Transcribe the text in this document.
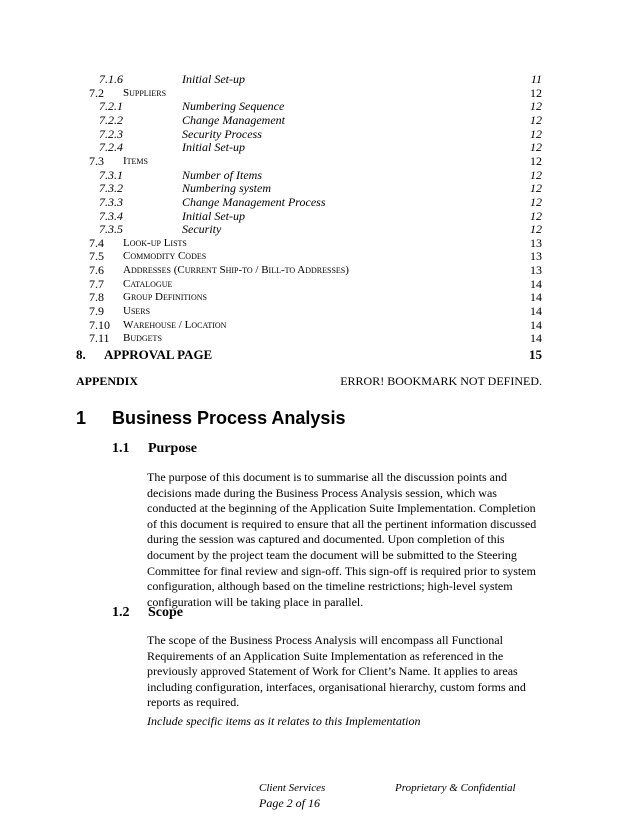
7.1.6	Initial Set-up	11
7.2 Suppliers	12
7.2.1	Numbering Sequence	12
7.2.2	Change Management	12
7.2.3	Security Process	12
7.2.4	Initial Set-up	12
7.3 Items	12
7.3.1	Number of Items	12
7.3.2	Numbering system	12
7.3.3	Change Management Process	12
7.3.4	Initial Set-up	12
7.3.5	Security	12
7.4 Look-up Lists	13
7.5 Commodity Codes	13
7.6 Addresses (Current Ship-to / Bill-to Addresses)	13
7.7 Catalogue	14
7.8 Group Definitions	14
7.9 Users	14
7.10 Warehouse / Location	14
7.11 Budgets	14
8. APPROVAL PAGE	15
APPENDIX	ERROR! BOOKMARK NOT DEFINED.
1 Business Process Analysis
1.1 Purpose
The purpose of this document is to summarise all the discussion points and
decisions made during the Business Process Analysis session, which was
conducted at the beginning of the Application Suite Implementation. Completion
of this document is required to ensure that all the pertinent information discussed
during the session was captured and documented. Upon completion of this
document by the project team the document will be submitted to the Steering
Committee for final review and sign-off. This sign-off is required prior to system
configuration, although based on the timeline restrictions; high-level system
configuration will be taking place in parallel.
1.2 Scope
The scope of the Business Process Analysis will encompass all Functional
Requirements of an Application Suite Implementation as referenced in the
previously approved Statement of Work for Client’s Name. It applies to areas
including configuration, interfaces, organisational hierarchy, custom forms and
reports as required.
Include specific items as it relates to this Implementation
Client Services	Proprietary & Confidential
Page 2 of 16
